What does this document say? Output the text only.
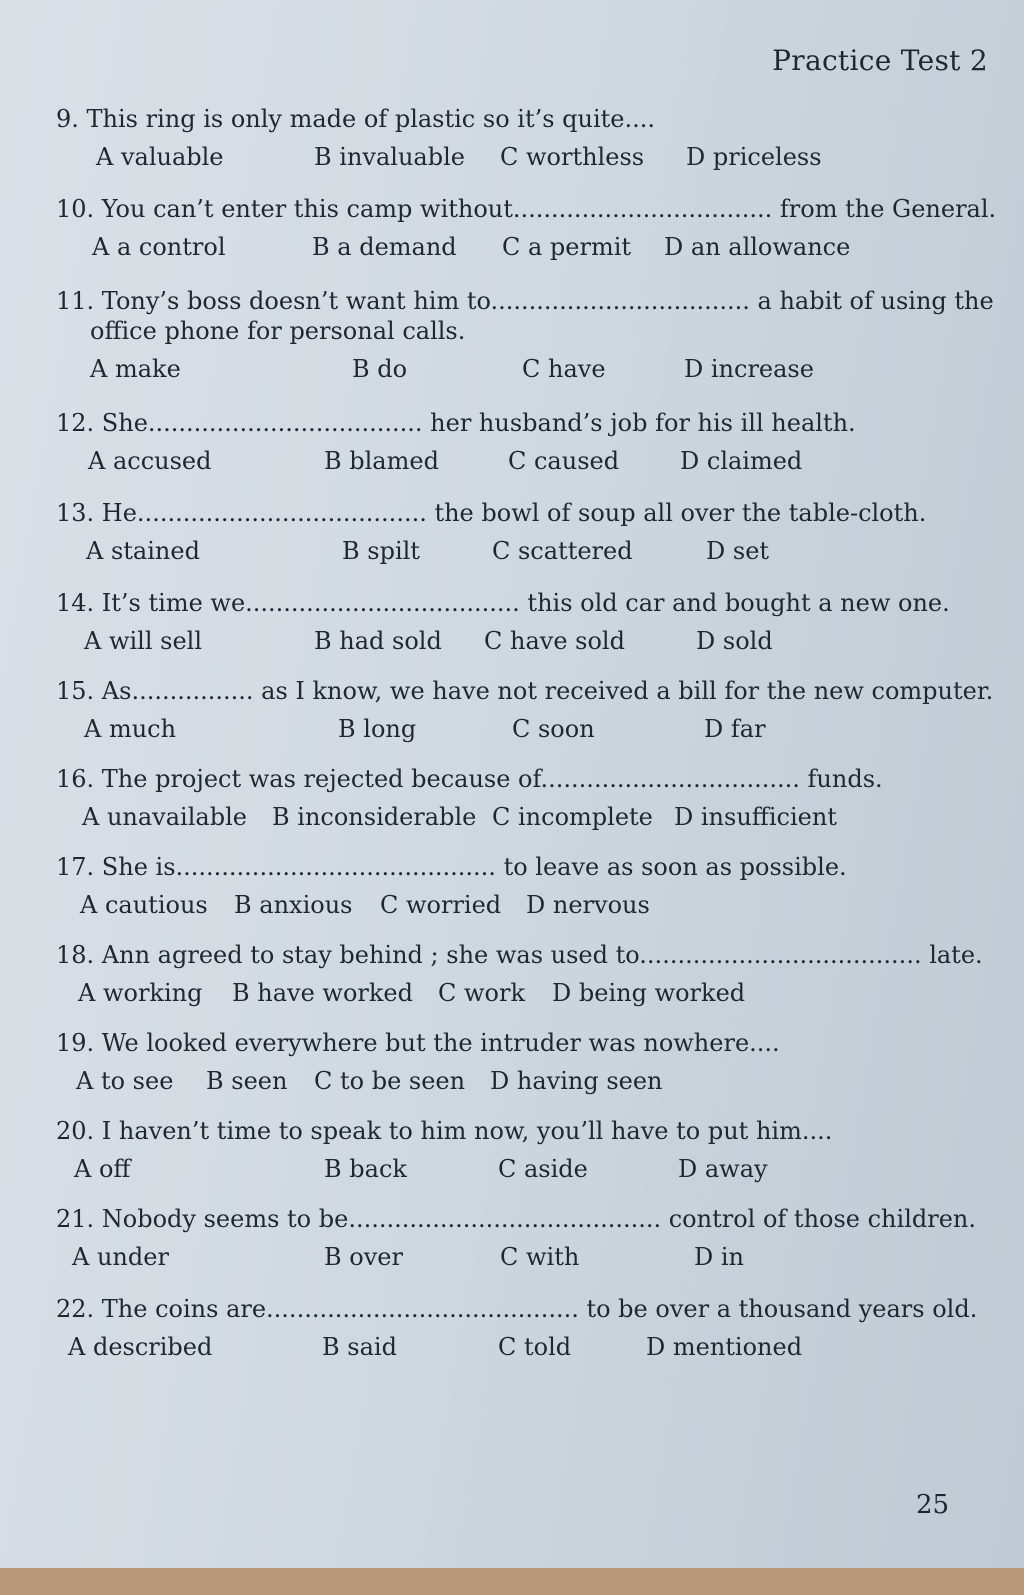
Practice Test 2
9. This ring is only made of plastic so it’s quite....
A valuable	B invaluable C worthless D priceless
10. You can’t enter this camp without.................................. from the General.
A a control	B a demand C a permit D an allowance
11. Tony’s boss doesn’t want him to.................................. a habit of using the
office phone for personal calls.
A make	B do	C have	D increase
12. She.................................... her husband’s job for his ill health.
A accused	B blamed	C caused	D claimed
13. He...................................... the bowl of soup all over the table-cloth.
A stained	B spilt	C scattered	D set
14. It’s time we.................................... this old car and bought a new one.
A will sell	B had sold C have sold	D sold
15. As................ as I know, we have not received a bill for the new computer.
A much	B long	C soon	D far
16. The project was rejected because of.................................. funds.
A unavailable B inconsiderable C incomplete D insufficient
17. She is.......................................... to leave as soon as possible.
A cautious B anxious C worried D nervous
18. Ann agreed to stay behind ; she was used to..................................... late.
A working B have worked C work D being worked
19. We looked everywhere but the intruder was nowhere....
A to see B seen C to be seen D having seen
20. I haven’t time to speak to him now, you’ll have to put him....
A off	B back	C aside	D away
21. Nobody seems to be......................................... control of those children.
A under	B over	C with	D in
22. The coins are......................................... to be over a thousand years old.
A described	B said	C told	D mentioned
25
